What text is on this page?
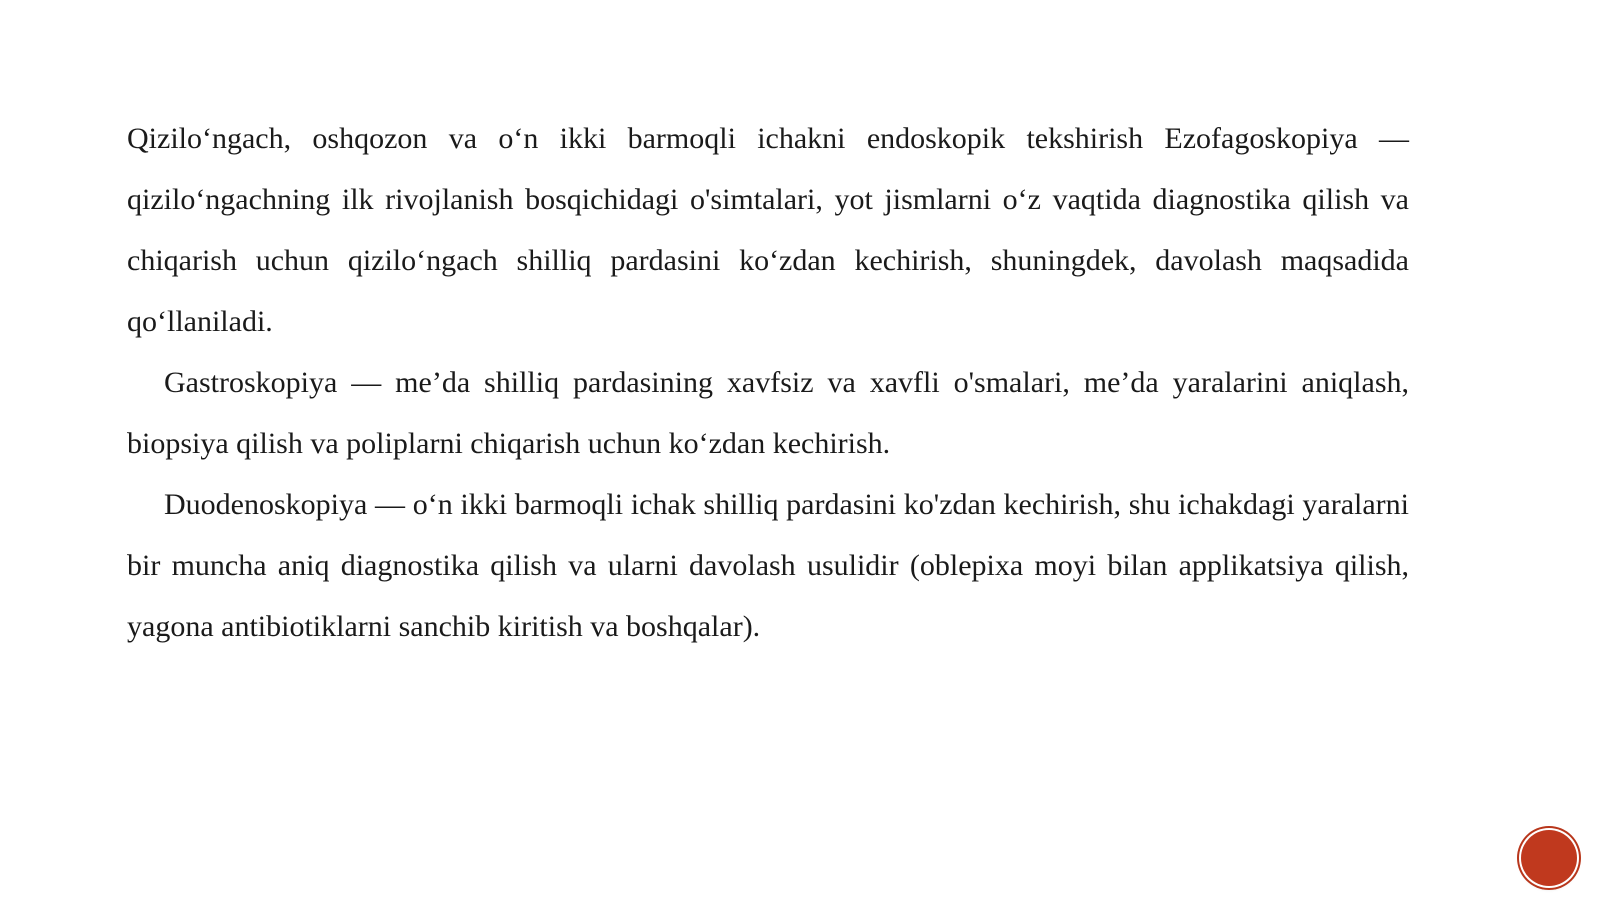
Qizilo‘ngach, oshqozon va o‘n ikki barmoqli ichakni endoskopik tekshirish Ezofagoskopiya — qizilo‘ngachning ilk rivojlanish bosqichidagi o'simtalari, yot jismlarni o‘z vaqtida diagnostika qilish va chiqarish uchun qizilo‘ngach shilliq pardasini ko‘zdan kechirish, shuningdek, davolash maqsadida qo‘llaniladi.

Gastroskopiya — me’da shilliq pardasining xavfsiz va xavfli o'smalari, me’da yaralarini aniqlash, biopsiya qilish va poliplarni chiqarish uchun ko‘zdan kechirish.

Duodenoskopiya — o‘n ikki barmoqli ichak shilliq pardasini ko'zdan kechirish, shu ichakdagi yaralarni bir muncha aniq diagnostika qilish va ularni davolash usulidir (oblepixa moyi bilan applikatsiya qilish, yagona antibiotiklarni sanchib kiritish va boshqalar).
